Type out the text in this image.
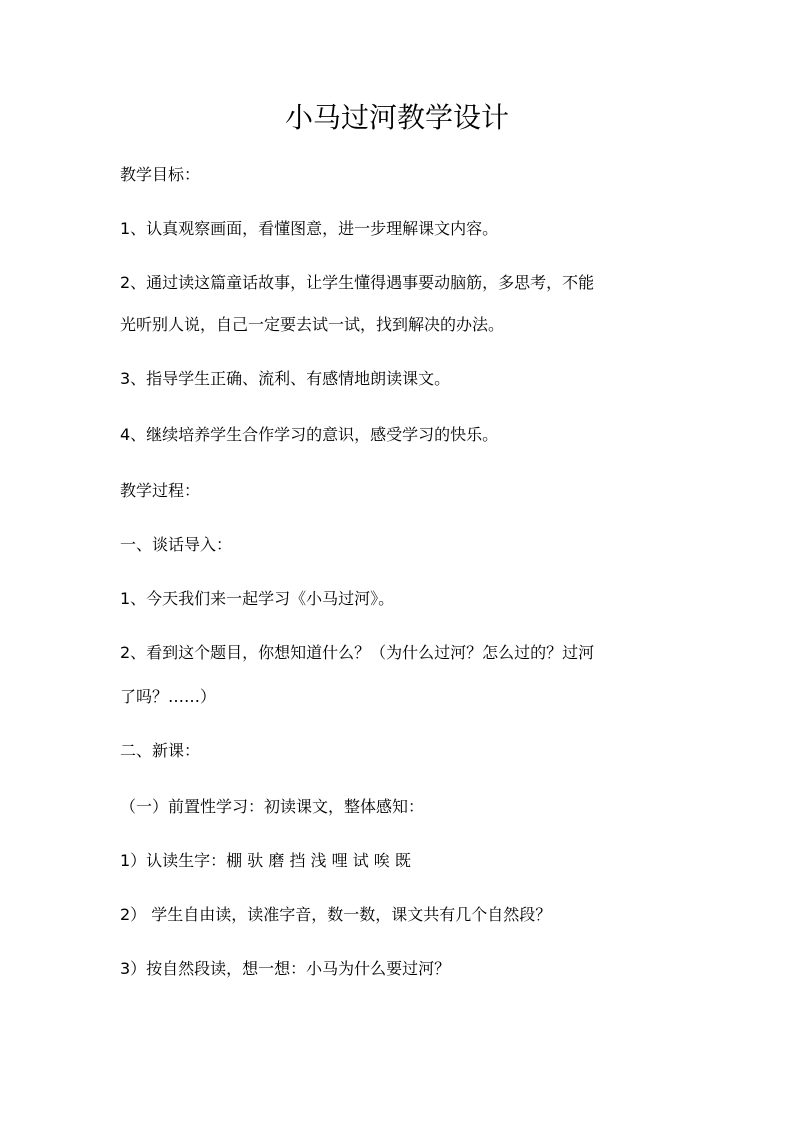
小马过河教学设计

教学目标：

1、认真观察画面，看懂图意，进一步理解课文内容。

2、通过读这篇童话故事，让学生懂得遇事要动脑筋，多思考，不能

光听别人说，自己一定要去试一试，找到解决的办法。

3、指导学生正确、流利、有感情地朗读课文。

4、继续培养学生合作学习的意识，感受学习的快乐。

教学过程：

一、谈话导入：

1、今天我们来一起学习《小马过河》。

2、看到这个题目，你想知道什么？（为什么过河？怎么过的？过河

了吗？……）

二、新课：

（一）前置性学习：初读课文，整体感知：

1）认读生字：棚 驮 磨 挡 浅 哩 试 唉 既

2） 学生自由读，读准字音，数一数，课文共有几个自然段？

3）按自然段读，想一想：小马为什么要过河？
